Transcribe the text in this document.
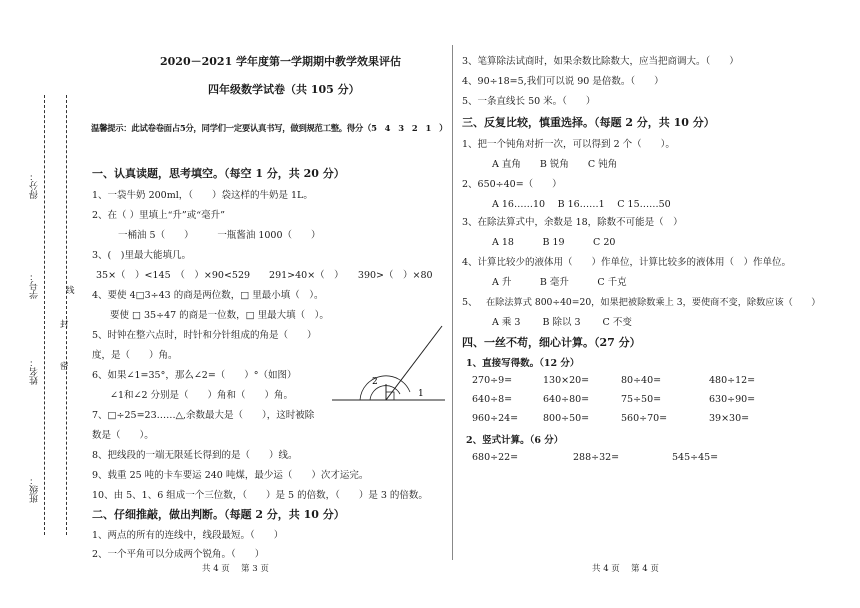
得分：
学号：
姓名：
班级：
线
封
密
2020－2021 学年度第一学期期中教学效果评估
四年级数学试卷（共 105 分）
温馨提示：此试卷卷面占5分，同学们一定要认真书写，做到规范工整。得分（5　4　3　2　1　）
一、认真读题，思考填空。（每空 1 分，共 20 分）
1、一袋牛奶 200ml，（　　）袋这样的牛奶是 1L。
2、在（ ）里填上“升”或“毫升”
一桶油 5（　　）　　　一瓶酱油 1000（　　）
3、(　)里最大能填几。
35×（　）<145　（　）×90<529　　291>40×（　）　　390>（　）×80
4、要使 4□3÷43 的商是两位数，□ 里最小填（　）。
要使 □ 35÷47 的商是一位数，□ 里最大填（　）。
5、时钟在整六点时，时针和分针组成的角是（　　）
度，是（　　）角。
6、如果∠1=35°，那么∠2=（　　）°（如图）
∠1和∠2 分别是（　　）角和（　　）角。
7、□÷25=23……△,余数最大是（　　），这时被除
数是（　　）。
8、把线段的一端无限延长得到的是（　　）线。
9、载重 25 吨的卡车要运 240 吨煤，最少运（　　）次才运完。
10、由 5、1、6 组成一个三位数，（　　）是 5 的倍数，（　　）是 3 的倍数。
2
1
二、仔细推敲，做出判断。（每题 2 分，共 10 分）
1、两点的所有的连线中，线段最短。（　　）
2、一个平角可以分成两个锐角。（　　）
3、笔算除法试商时，如果余数比除数大，应当把商调大。（　　）
4、90÷18=5,我们可以说 90 是倍数。（　　）
5、一条直线长 50 米。（　　）
三、反复比较，慎重选择。（每题 2 分，共 10 分）
1、把一个钝角对折一次，可以得到 2 个（　　）。
A 直角　　B 锐角　　C 钝角
2、650÷40=（　　）
A 16……10　 B 16……1　 C 15……50
3、在除法算式中，余数是 18，除数不可能是（　）
A 18　　　B 19　　　C 20
4、计算比较少的液体用（　　）作单位，计算比较多的液体用（　）作单位。
A 升　　　B 毫升　　　C 千克
5、 在除法算式 800÷40=20，如果把被除数乘上 3，要使商不变，除数应该（　　）
A 乘 3　　 B 除以 3　　 C 不变
四、一丝不苟，细心计算。（27 分）
1、直接写得数。（12 分）
270÷9=	130×20=	80÷40=	480÷12=
640÷8=	640÷80=	75÷50=	630÷90=
960÷24=	800÷50=	560÷70=	39×30=
2、竖式计算。（6 分）
680÷22=	288÷32=	545÷45=
共 4 页　 第 3 页	共 4 页　 第 4 页
